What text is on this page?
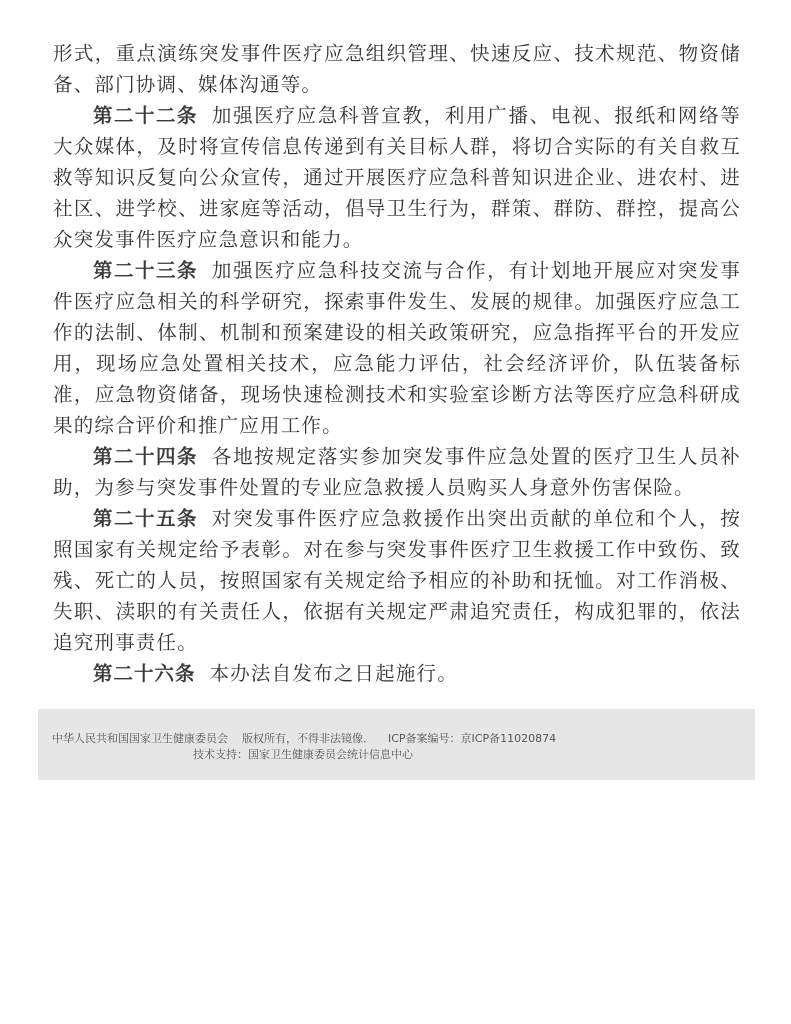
形式，重点演练突发事件医疗应急组织管理、快速反应、技术规范、物资储备、部门协调、媒体沟通等。

第二十二条 加强医疗应急科普宣教，利用广播、电视、报纸和网络等大众媒体，及时将宣传信息传递到有关目标人群，将切合实际的有关自救互救等知识反复向公众宣传，通过开展医疗应急科普知识进企业、进农村、进社区、进学校、进家庭等活动，倡导卫生行为，群策、群防、群控，提高公众突发事件医疗应急意识和能力。

第二十三条 加强医疗应急科技交流与合作，有计划地开展应对突发事件医疗应急相关的科学研究，探索事件发生、发展的规律。加强医疗应急工作的法制、体制、机制和预案建设的相关政策研究，应急指挥平台的开发应用，现场应急处置相关技术，应急能力评估，社会经济评价，队伍装备标准，应急物资储备，现场快速检测技术和实验室诊断方法等医疗应急科研成果的综合评价和推广应用工作。

第二十四条 各地按规定落实参加突发事件应急处置的医疗卫生人员补助，为参与突发事件处置的专业应急救援人员购买人身意外伤害保险。

第二十五条 对突发事件医疗应急救援作出突出贡献的单位和个人，按照国家有关规定给予表彰。对在参与突发事件医疗卫生救援工作中致伤、致残、死亡的人员，按照国家有关规定给予相应的补助和抚恤。对工作消极、失职、渎职的有关责任人，依据有关规定严肃追究责任，构成犯罪的，依法追究刑事责任。

第二十六条 本办法自发布之日起施行。

中华人民共和国国家卫生健康委员会 版权所有，不得非法镜像． ICP备案编号：京ICP备11020874
技术支持：国家卫生健康委员会统计信息中心
